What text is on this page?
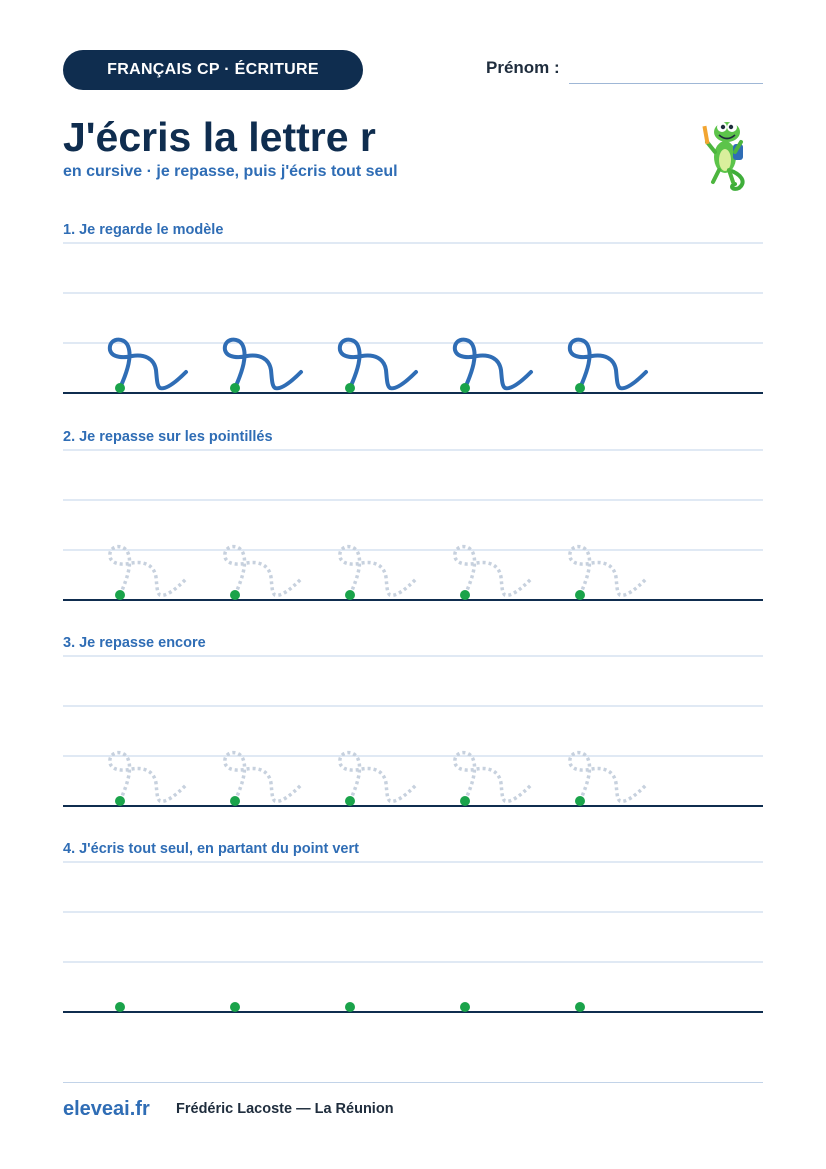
FRANÇAIS CP · ÉCRITURE	Prénom :
J'écris la lettre r
en cursive · je repasse, puis j'écris tout seul
1. Je regarde le modèle
2. Je repasse sur les pointillés
3. Je repasse encore
4. J'écris tout seul, en partant du point vert
eleveai.fr Frédéric Lacoste — La Réunion
